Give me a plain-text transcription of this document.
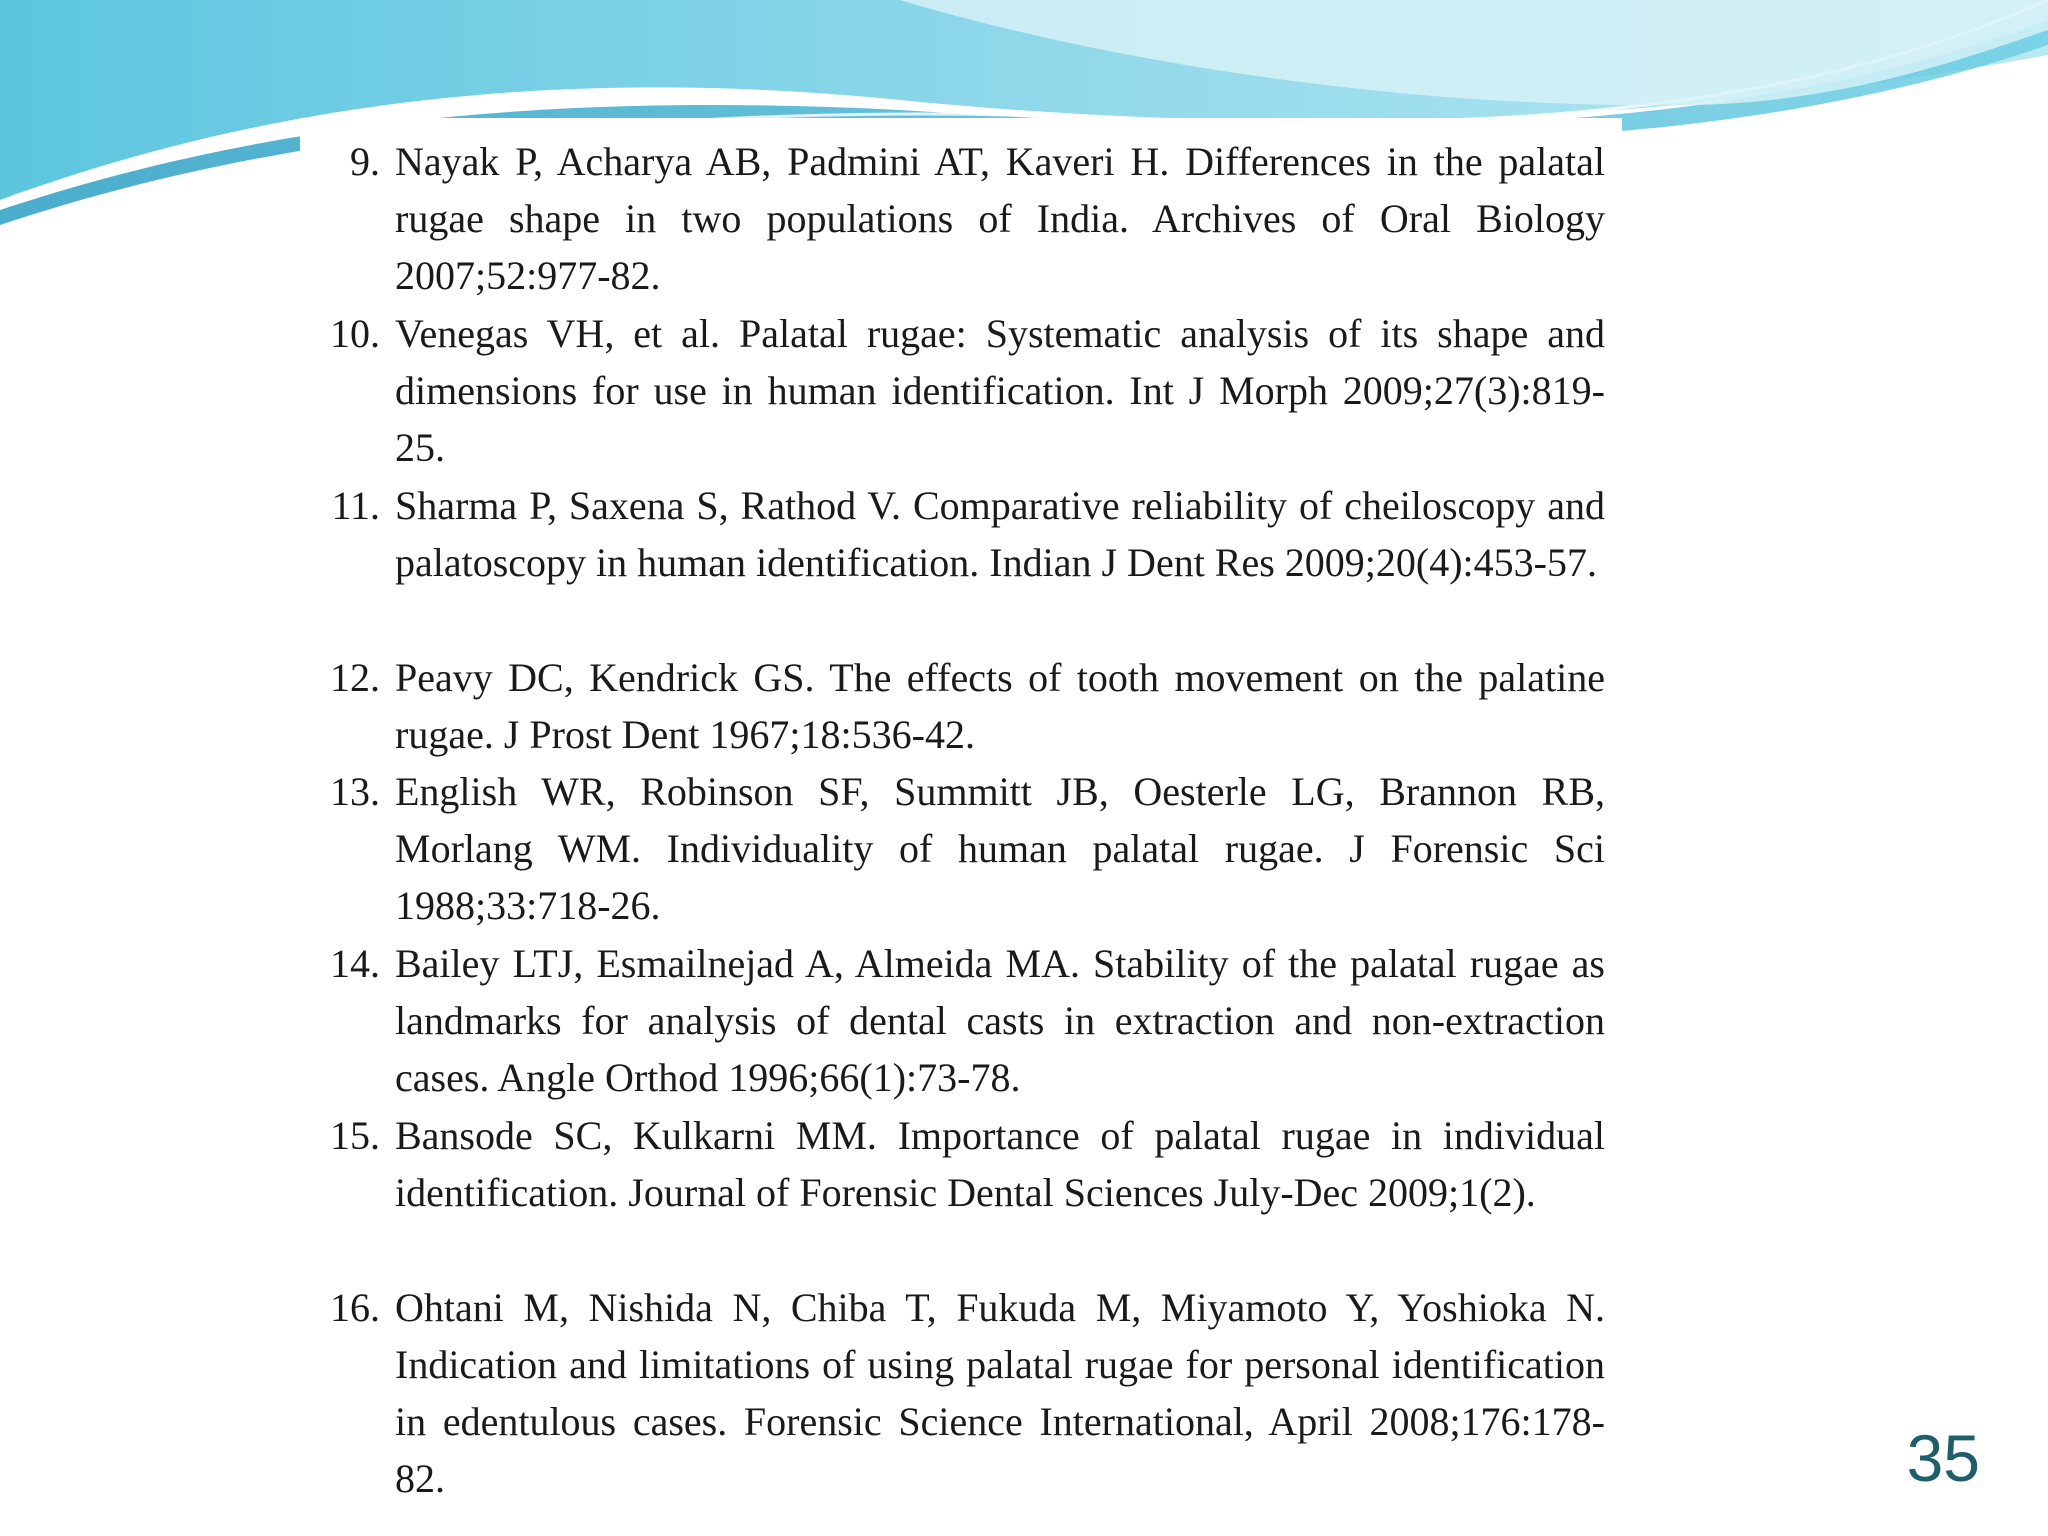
9. Nayak P, Acharya AB, Padmini AT, Kaveri H. Differences in the palatal rugae shape in two populations of India. Archives of Oral Biology 2007;52:977-82.

10. Venegas VH, et al. Palatal rugae: Systematic analysis of its shape and dimensions for use in human identification. Int J Morph 2009;27(3):819-25.

11. Sharma P, Saxena S, Rathod V. Comparative reliability of cheiloscopy and palatoscopy in human identification. Indian J Dent Res 2009;20(4):453-57.

12. Peavy DC, Kendrick GS. The effects of tooth movement on the palatine rugae. J Prost Dent 1967;18:536-42.

13. English WR, Robinson SF, Summitt JB, Oesterle LG, Brannon RB, Morlang WM. Individuality of human palatal rugae. J Forensic Sci 1988;33:718-26.

14. Bailey LTJ, Esmailnejad A, Almeida MA. Stability of the palatal rugae as landmarks for analysis of dental casts in extraction and non-extraction cases. Angle Orthod 1996;66(1):73-78.

15. Bansode SC, Kulkarni MM. Importance of palatal rugae in individual identification. Journal of Forensic Dental Sciences July-Dec 2009;1(2).

16. Ohtani M, Nishida N, Chiba T, Fukuda M, Miyamoto Y, Yoshioka N. Indication and limitations of using palatal rugae for personal identification in edentulous cases. Forensic Science International, April 2008;176:178-82.	35
